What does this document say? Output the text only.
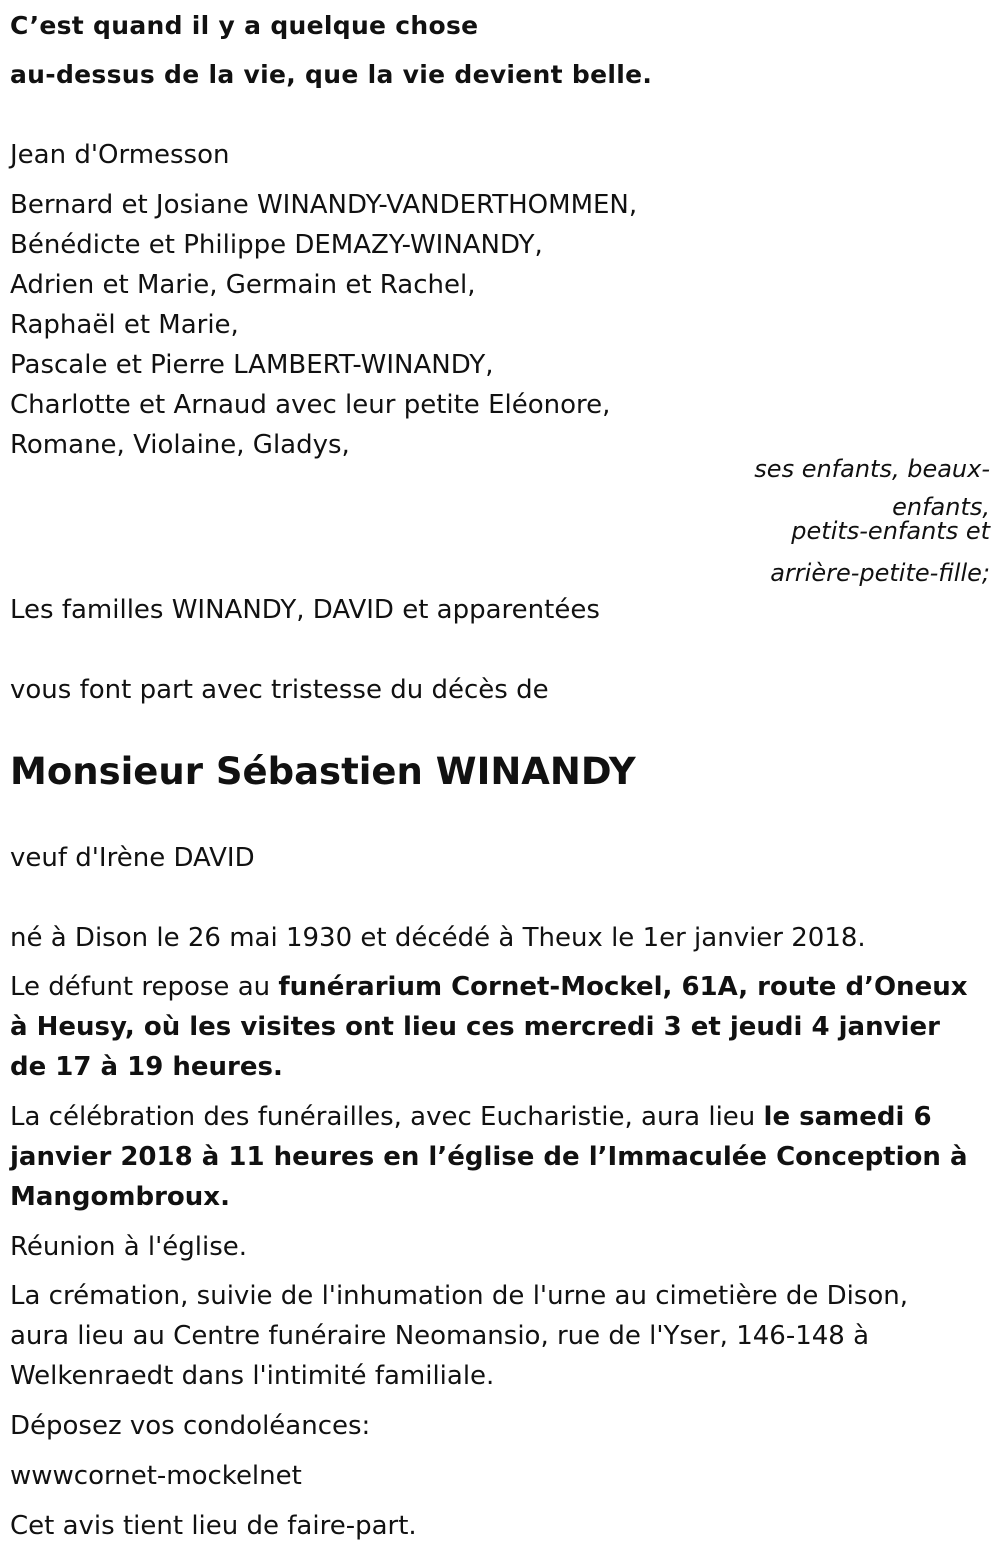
C’est quand il y a quelque chose

au-dessus de la vie, que la vie devient belle.

Jean d'Ormesson

Bernard et Josiane WINANDY-VANDERTHOMMEN,

Bénédicte et Philippe DEMAZY-WINANDY,

Adrien et Marie, Germain et Rachel,

Raphaël et Marie,

Pascale et Pierre LAMBERT-WINANDY,

Charlotte et Arnaud avec leur petite Eléonore,

Romane, Violaine, Gladys,

ses enfants, beaux-

enfants,

petits-enfants et

arrière-petite-fille;

Les familles WINANDY, DAVID et apparentées

vous font part avec tristesse du décès de

Monsieur Sébastien WINANDY

veuf d'Irène DAVID

né à Dison le 26 mai 1930 et décédé à Theux le 1er janvier 2018.

Le défunt repose au funérarium Cornet-Mockel, 61A, route d’Oneux à Heusy, où les visites ont lieu ces mercredi 3 et jeudi 4 janvier de 17 à 19 heures.

La célébration des funérailles, avec Eucharistie, aura lieu le samedi 6 janvier 2018 à 11 heures en l’église de l’Immaculée Conception à Mangombroux.

Réunion à l'église.

La crémation, suivie de l'inhumation de l'urne au cimetière de Dison, aura lieu au Centre funéraire Neomansio, rue de l'Yser, 146-148 à Welkenraedt dans l'intimité familiale.

Déposez vos condoléances:

wwwcornet-mockelnet

Cet avis tient lieu de faire-part.
